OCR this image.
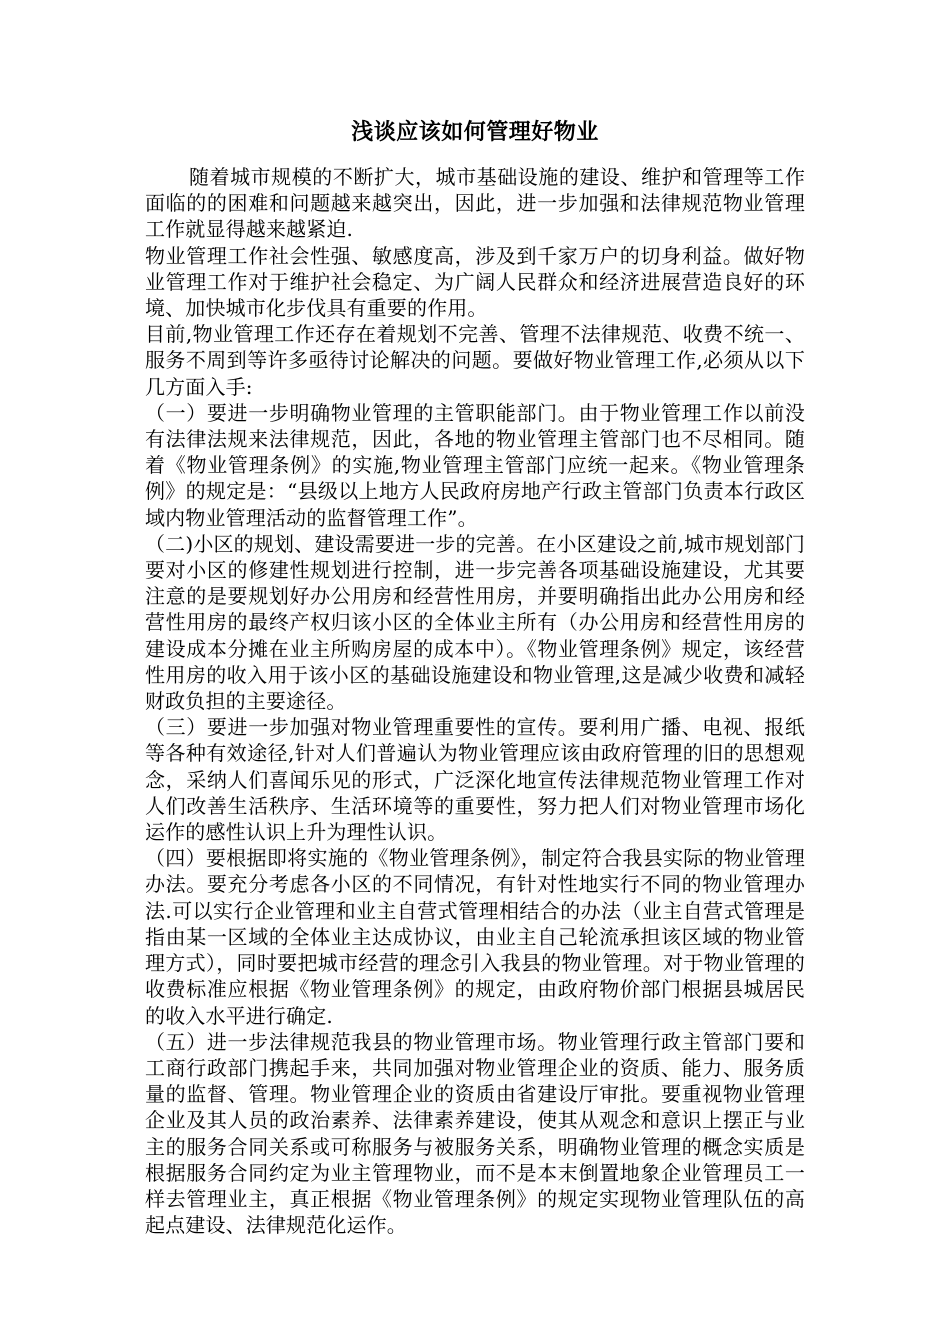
浅谈应该如何管理好物业

随着城市规模的不断扩大，城市基础设施的建设、维护和管理等工作面临的的困难和问题越来越突出，因此，进一步加强和法律规范物业管理工作就显得越来越紧迫.

物业管理工作社会性强、敏感度高，涉及到千家万户的切身利益。做好物业管理工作对于维护社会稳定、为广阔人民群众和经济进展营造良好的环境、加快城市化步伐具有重要的作用。

目前,物业管理工作还存在着规划不完善、管理不法律规范、收费不统一、服务不周到等许多亟待讨论解决的问题。要做好物业管理工作,必须从以下几方面入手:

（一）要进一步明确物业管理的主管职能部门。由于物业管理工作以前没有法律法规来法律规范，因此，各地的物业管理主管部门也不尽相同。随着《物业管理条例》的实施,物业管理主管部门应统一起来。《物业管理条例》的规定是：“县级以上地方人民政府房地产行政主管部门负责本行政区域内物业管理活动的监督管理工作”。

（二)小区的规划、建设需要进一步的完善。在小区建设之前,城市规划部门要对小区的修建性规划进行控制，进一步完善各项基础设施建设，尤其要注意的是要规划好办公用房和经营性用房，并要明确指出此办公用房和经营性用房的最终产权归该小区的全体业主所有（办公用房和经营性用房的建设成本分摊在业主所购房屋的成本中）。《物业管理条例》规定，该经营性用房的收入用于该小区的基础设施建设和物业管理,这是减少收费和减轻财政负担的主要途径。

（三）要进一步加强对物业管理重要性的宣传。要利用广播、电视、报纸等各种有效途径,针对人们普遍认为物业管理应该由政府管理的旧的思想观念，采纳人们喜闻乐见的形式，广泛深化地宣传法律规范物业管理工作对人们改善生活秩序、生活环境等的重要性，努力把人们对物业管理市场化运作的感性认识上升为理性认识。

（四）要根据即将实施的《物业管理条例》，制定符合我县实际的物业管理办法。要充分考虑各小区的不同情况，有针对性地实行不同的物业管理办法.可以实行企业管理和业主自营式管理相结合的办法（业主自营式管理是指由某一区域的全体业主达成协议，由业主自己轮流承担该区域的物业管理方式），同时要把城市经营的理念引入我县的物业管理。对于物业管理的收费标准应根据《物业管理条例》的规定，由政府物价部门根据县城居民的收入水平进行确定.

（五）进一步法律规范我县的物业管理市场。物业管理行政主管部门要和工商行政部门携起手来，共同加强对物业管理企业的资质、能力、服务质量的监督、管理。物业管理企业的资质由省建设厅审批。要重视物业管理企业及其人员的政治素养、法律素养建设，使其从观念和意识上摆正与业主的服务合同关系或可称服务与被服务关系，明确物业管理的概念实质是根据服务合同约定为业主管理物业，而不是本末倒置地象企业管理员工一样去管理业主，真正根据《物业管理条例》的规定实现物业管理队伍的高起点建设、法律规范化运作。
